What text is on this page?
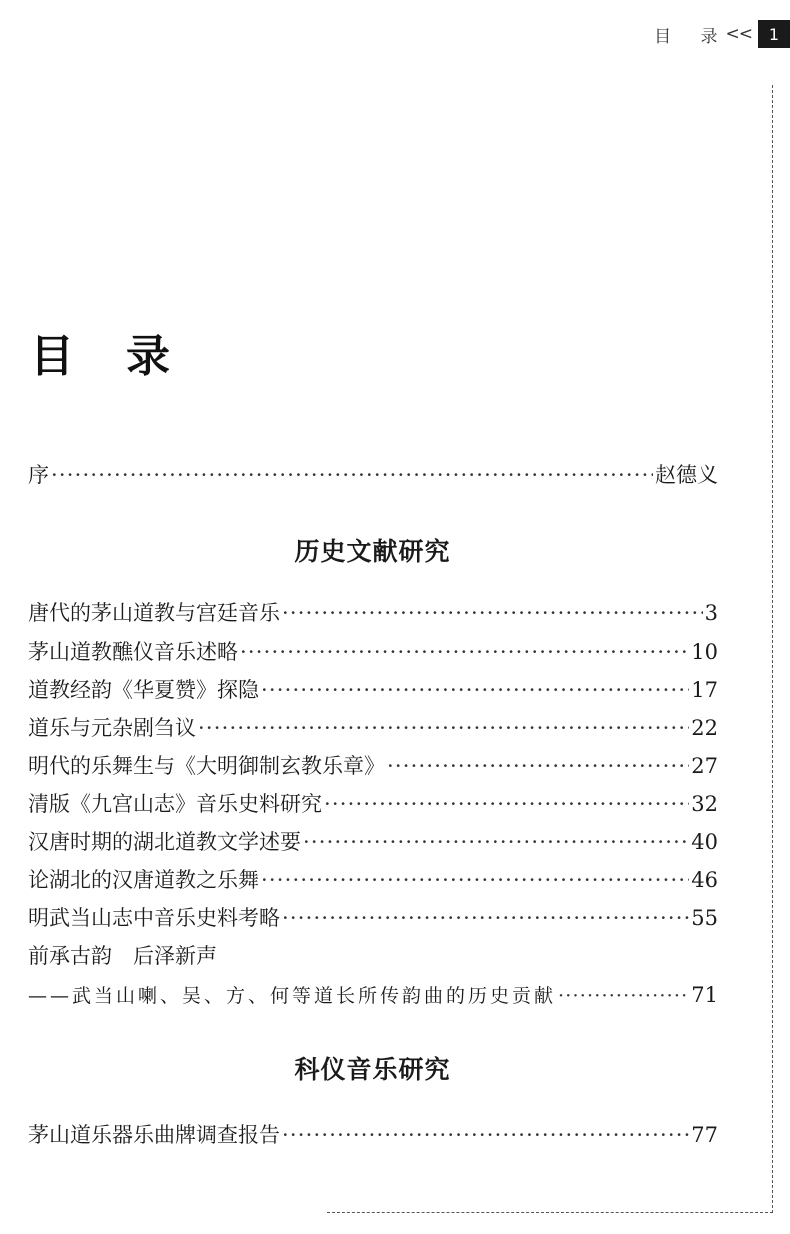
目 录
<<	1
目录
序 ·····	赵德义
历史文献研究
唐代的茅山道教与宫廷音乐 ·····	3
茅山道教醮仪音乐述略 ·····	10
道教经韵《华夏赞》探隐 ·····	17
道乐与元杂剧刍议 ·····	22
明代的乐舞生与《大明御制玄教乐章》 ·····	27
清版《九宫山志》音乐史料研究 ·····	32
汉唐时期的湖北道教文学述要 ·····	40
论湖北的汉唐道教之乐舞 ·····	46
明武当山志中音乐史料考略 ·····	55
前承古韵　后泽新声
——武当山喇、吴、方、何等道长所传韵曲的历史贡献 ·····	71
科仪音乐研究
茅山道乐器乐曲牌调查报告 ·····	77
